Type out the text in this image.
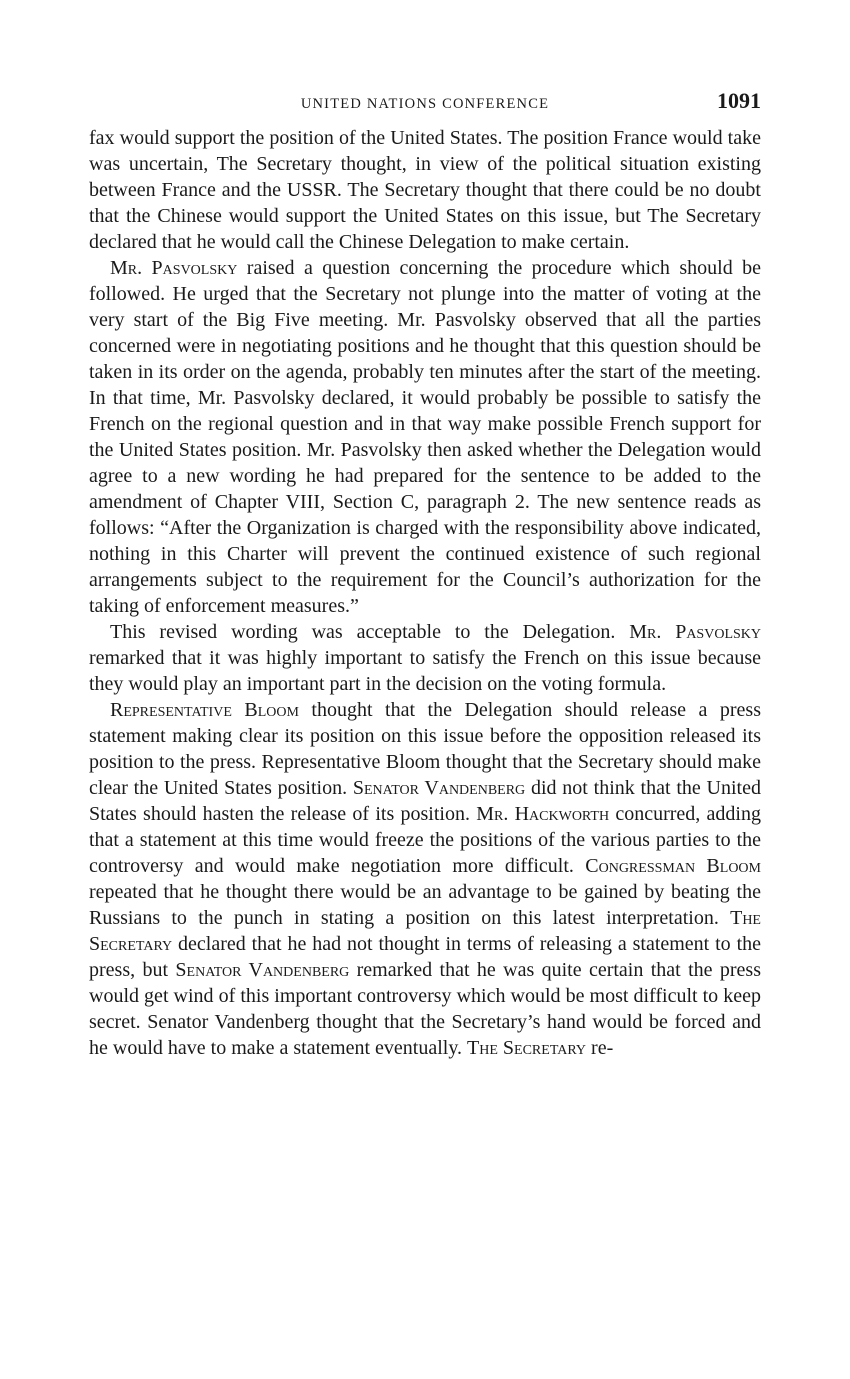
UNITED NATIONS CONFERENCE	1091

fax would support the position of the United States. The position France would take was uncertain, The Secretary thought, in view of the political situation existing between France and the USSR. The Secretary thought that there could be no doubt that the Chinese would support the United States on this issue, but The Secretary declared that he would call the Chinese Delegation to make certain.

Mr. Pasvolsky raised a question concerning the procedure which should be followed. He urged that the Secretary not plunge into the matter of voting at the very start of the Big Five meeting. Mr. Pasvolsky observed that all the parties concerned were in negotiating positions and he thought that this question should be taken in its order on the agenda, probably ten minutes after the start of the meeting. In that time, Mr. Pasvolsky declared, it would probably be possible to satisfy the French on the regional question and in that way make possible French support for the United States position. Mr. Pasvolsky then asked whether the Delegation would agree to a new wording he had prepared for the sentence to be added to the amendment of Chapter VIII, Section C, paragraph 2. The new sentence reads as follows: “After the Organization is charged with the responsibility above indicated, nothing in this Charter will prevent the continued existence of such regional arrangements subject to the requirement for the Council’s authorization for the taking of enforcement measures.”

This revised wording was acceptable to the Delegation. Mr. Pasvolsky remarked that it was highly important to satisfy the French on this issue because they would play an important part in the decision on the voting formula.

Representative Bloom thought that the Delegation should release a press statement making clear its position on this issue before the opposition released its position to the press. Representative Bloom thought that the Secretary should make clear the United States position. Senator Vandenberg did not think that the United States should hasten the release of its position. Mr. Hackworth concurred, adding that a statement at this time would freeze the positions of the various parties to the controversy and would make negotiation more difficult. Congressman Bloom repeated that he thought there would be an advantage to be gained by beating the Russians to the punch in stating a position on this latest interpretation. The Secretary declared that he had not thought in terms of releasing a statement to the press, but Senator Vandenberg remarked that he was quite certain that the press would get wind of this important controversy which would be most difficult to keep secret. Senator Vandenberg thought that the Secretary’s hand would be forced and he would have to make a statement eventually. The Secretary re-
